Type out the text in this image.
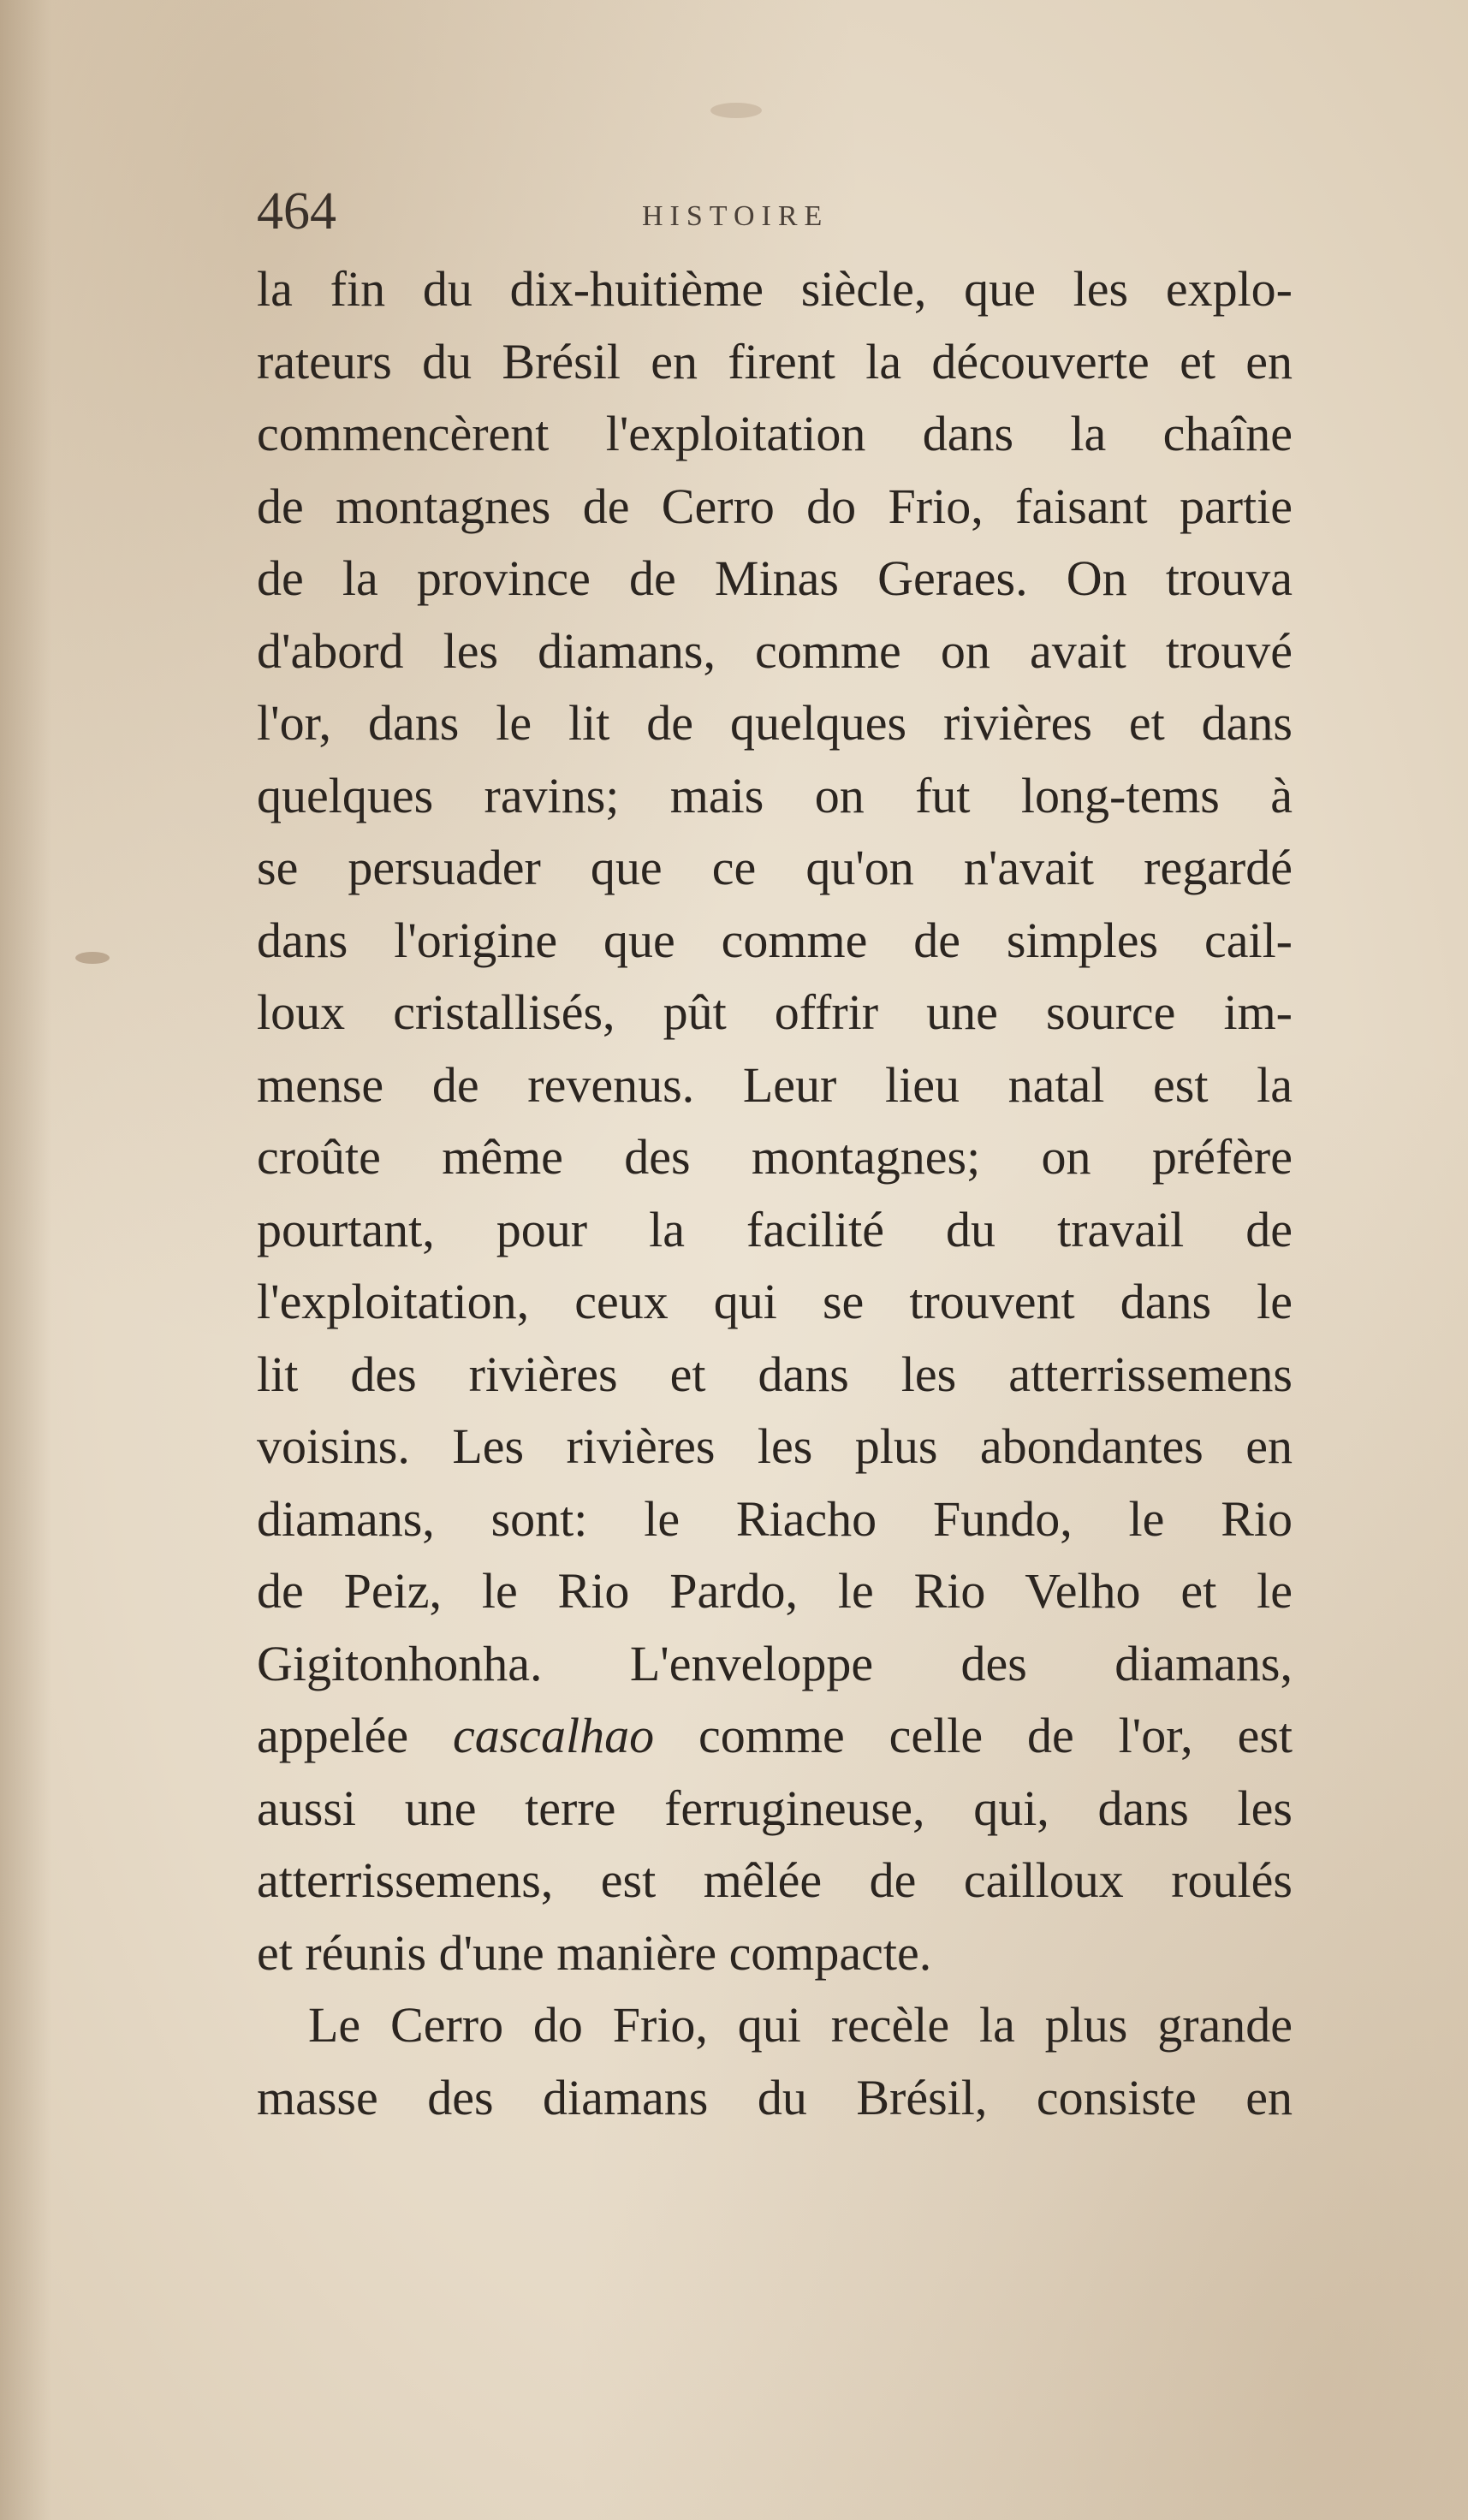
464	HISTOIRE
la fin du dix-huitième siècle, que les explo-
rateurs du Brésil en firent la découverte et en
commencèrent l'exploitation dans la chaîne
de montagnes de Cerro do Frio, faisant partie
de la province de Minas Geraes. On trouva
d'abord les diamans, comme on avait trouvé
l'or, dans le lit de quelques rivières et dans
quelques ravins; mais on fut long-tems à
se persuader que ce qu'on n'avait regardé
dans l'origine que comme de simples cail-
loux cristallisés, pût offrir une source im-
mense de revenus. Leur lieu natal est la
croûte même des montagnes; on préfère
pourtant, pour la facilité du travail de
l'exploitation, ceux qui se trouvent dans le
lit des rivières et dans les atterrissemens
voisins. Les rivières les plus abondantes en
diamans, sont: le Riacho Fundo, le Rio
de Peiz, le Rio Pardo, le Rio Velho et le
Gigitonhonha. L'enveloppe des diamans,
appelée cascalhao comme celle de l'or, est
aussi une terre ferrugineuse, qui, dans les
atterrissemens, est mêlée de cailloux roulés
et réunis d'une manière compacte.
Le Cerro do Frio, qui recèle la plus grande
masse des diamans du Brésil, consiste en
